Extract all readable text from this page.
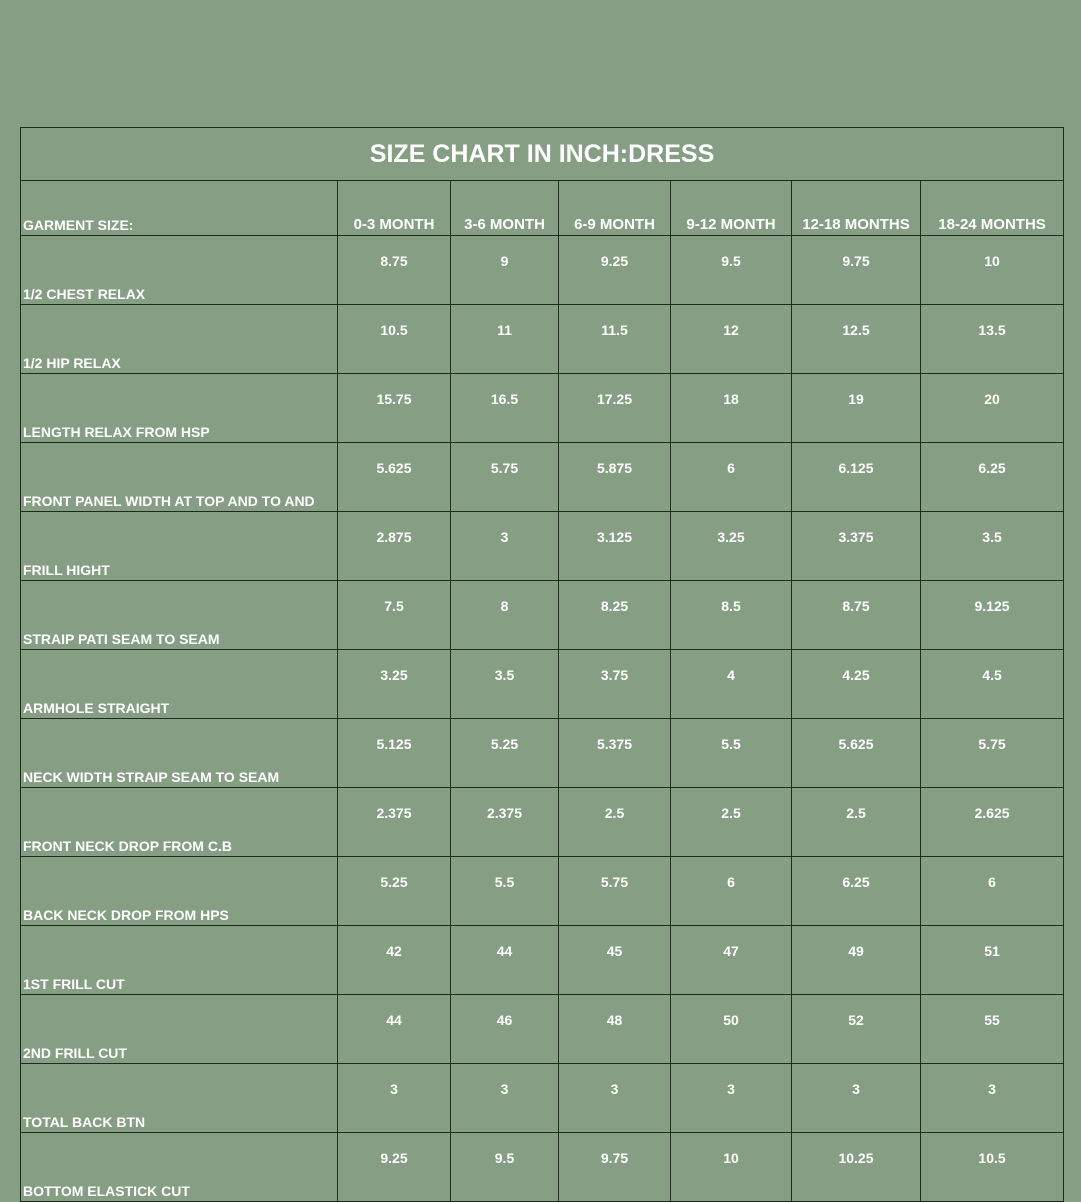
SIZE CHART IN INCH:DRESS						
GARMENT SIZE:	0-3 MONTH	3-6 MONTH	6-9 MONTH	9-12 MONTH	12-18 MONTHS	18-24 MONTHS
1/2 CHEST RELAX	8.75	9	9.25	9.5	9.75	10
1/2 HIP RELAX	10.5	11	11.5	12	12.5	13.5
LENGTH RELAX FROM HSP	15.75	16.5	17.25	18	19	20
FRONT PANEL WIDTH AT TOP AND TO AND	5.625	5.75	5.875	6	6.125	6.25
FRILL HIGHT	2.875	3	3.125	3.25	3.375	3.5
STRAIP PATI SEAM TO SEAM	7.5	8	8.25	8.5	8.75	9.125
ARMHOLE STRAIGHT	3.25	3.5	3.75	4	4.25	4.5
NECK WIDTH STRAIP SEAM TO SEAM	5.125	5.25	5.375	5.5	5.625	5.75
FRONT NECK DROP FROM C.B	2.375	2.375	2.5	2.5	2.5	2.625
BACK NECK DROP FROM HPS	5.25	5.5	5.75	6	6.25	6
1ST FRILL CUT	42	44	45	47	49	51
2ND FRILL CUT	44	46	48	50	52	55
TOTAL BACK BTN	3	3	3	3	3	3
BOTTOM ELASTICK CUT	9.25	9.5	9.75	10	10.25	10.5
